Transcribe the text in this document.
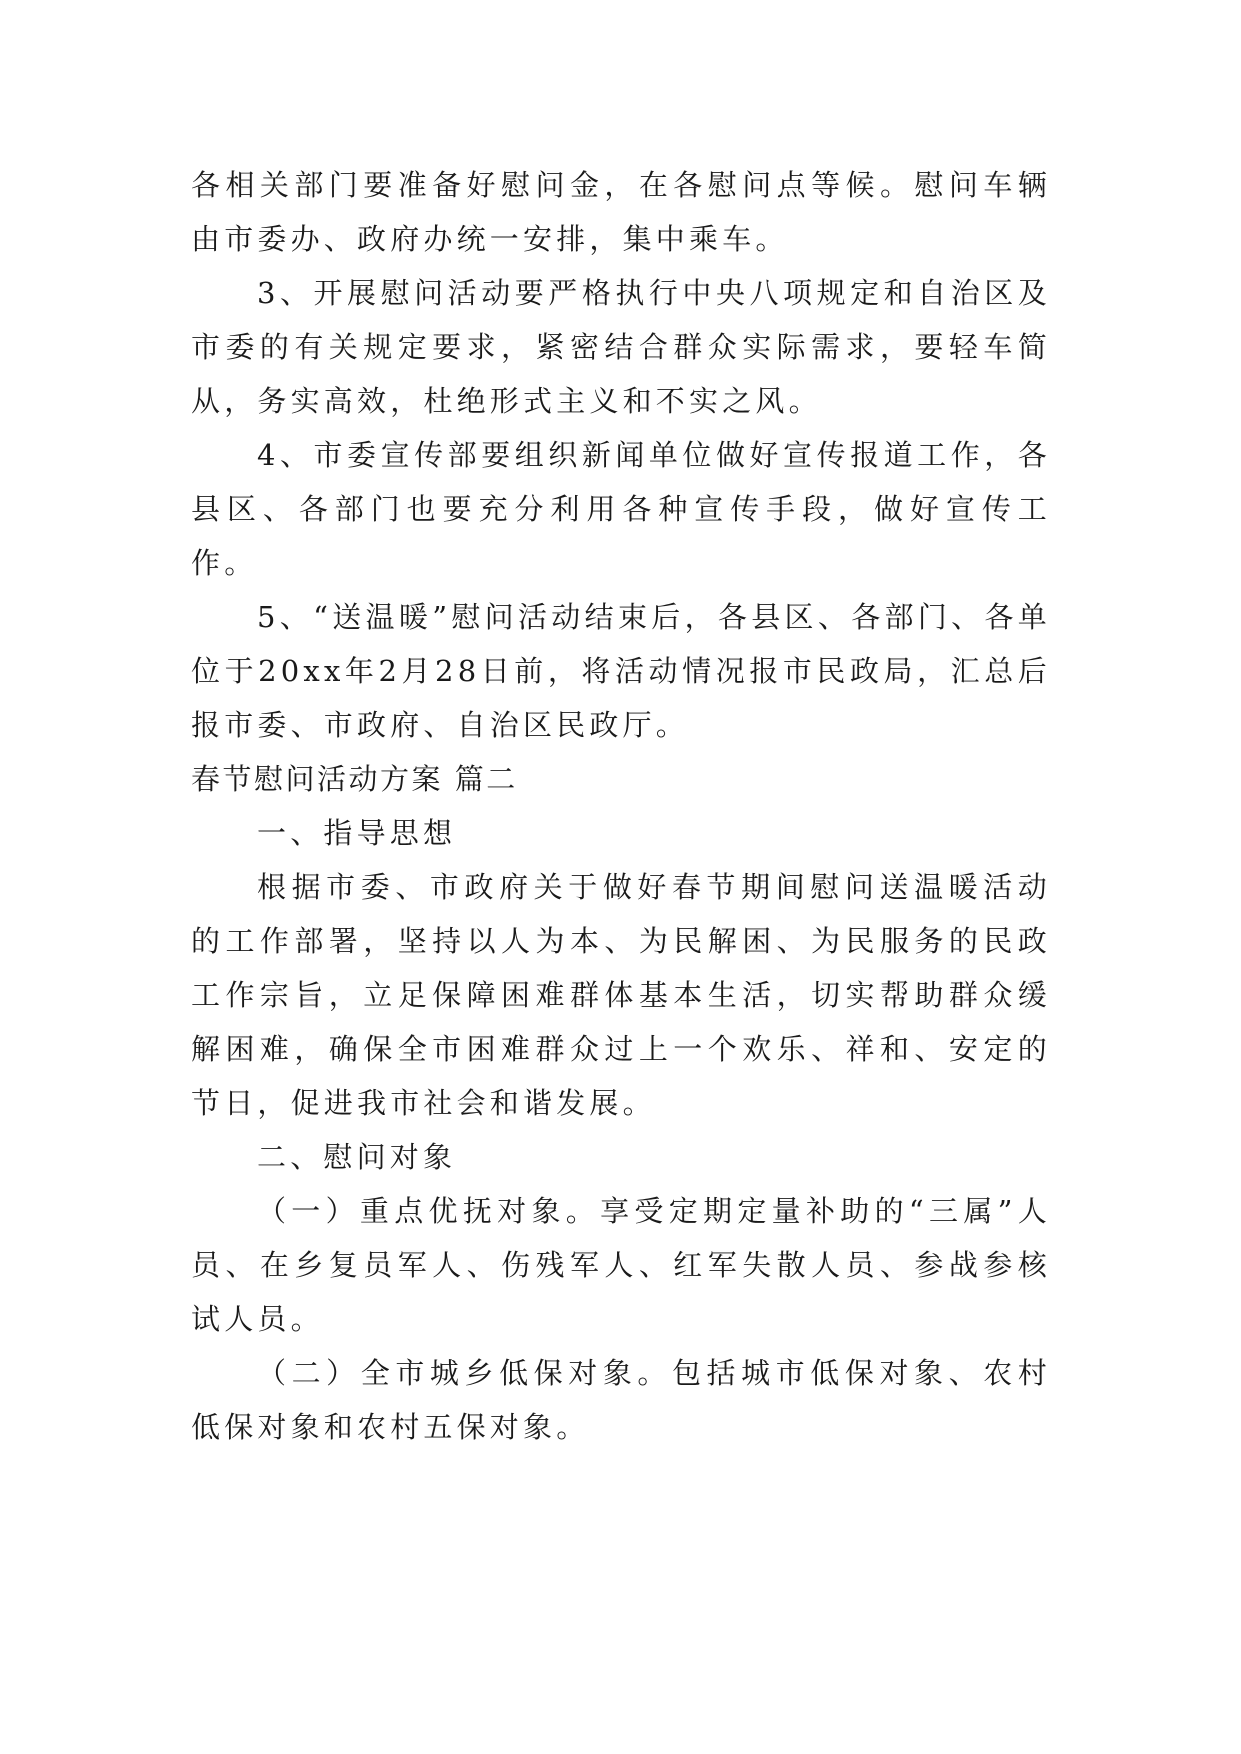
各相关部门要准备好慰问金，在各慰问点等候。慰问车辆由市委办、政府办统一安排，集中乘车。

3、开展慰问活动要严格执行中央八项规定和自治区及市委的有关规定要求，紧密结合群众实际需求，要轻车简从，务实高效，杜绝形式主义和不实之风。

4、市委宣传部要组织新闻单位做好宣传报道工作，各县区、各部门也要充分利用各种宣传手段，做好宣传工作。

5、“送温暖”慰问活动结束后，各县区、各部门、各单位于20xx年2月28日前，将活动情况报市民政局，汇总后报市委、市政府、自治区民政厅。

春节慰问活动方案 篇二

一、指导思想

根据市委、市政府关于做好春节期间慰问送温暖活动的工作部署，坚持以人为本、为民解困、为民服务的民政工作宗旨，立足保障困难群体基本生活，切实帮助群众缓解困难，确保全市困难群众过上一个欢乐、祥和、安定的节日，促进我市社会和谐发展。

二、慰问对象

（一）重点优抚对象。享受定期定量补助的“三属”人员、在乡复员军人、伤残军人、红军失散人员、参战参核试人员。

（二）全市城乡低保对象。包括城市低保对象、农村低保对象和农村五保对象。
